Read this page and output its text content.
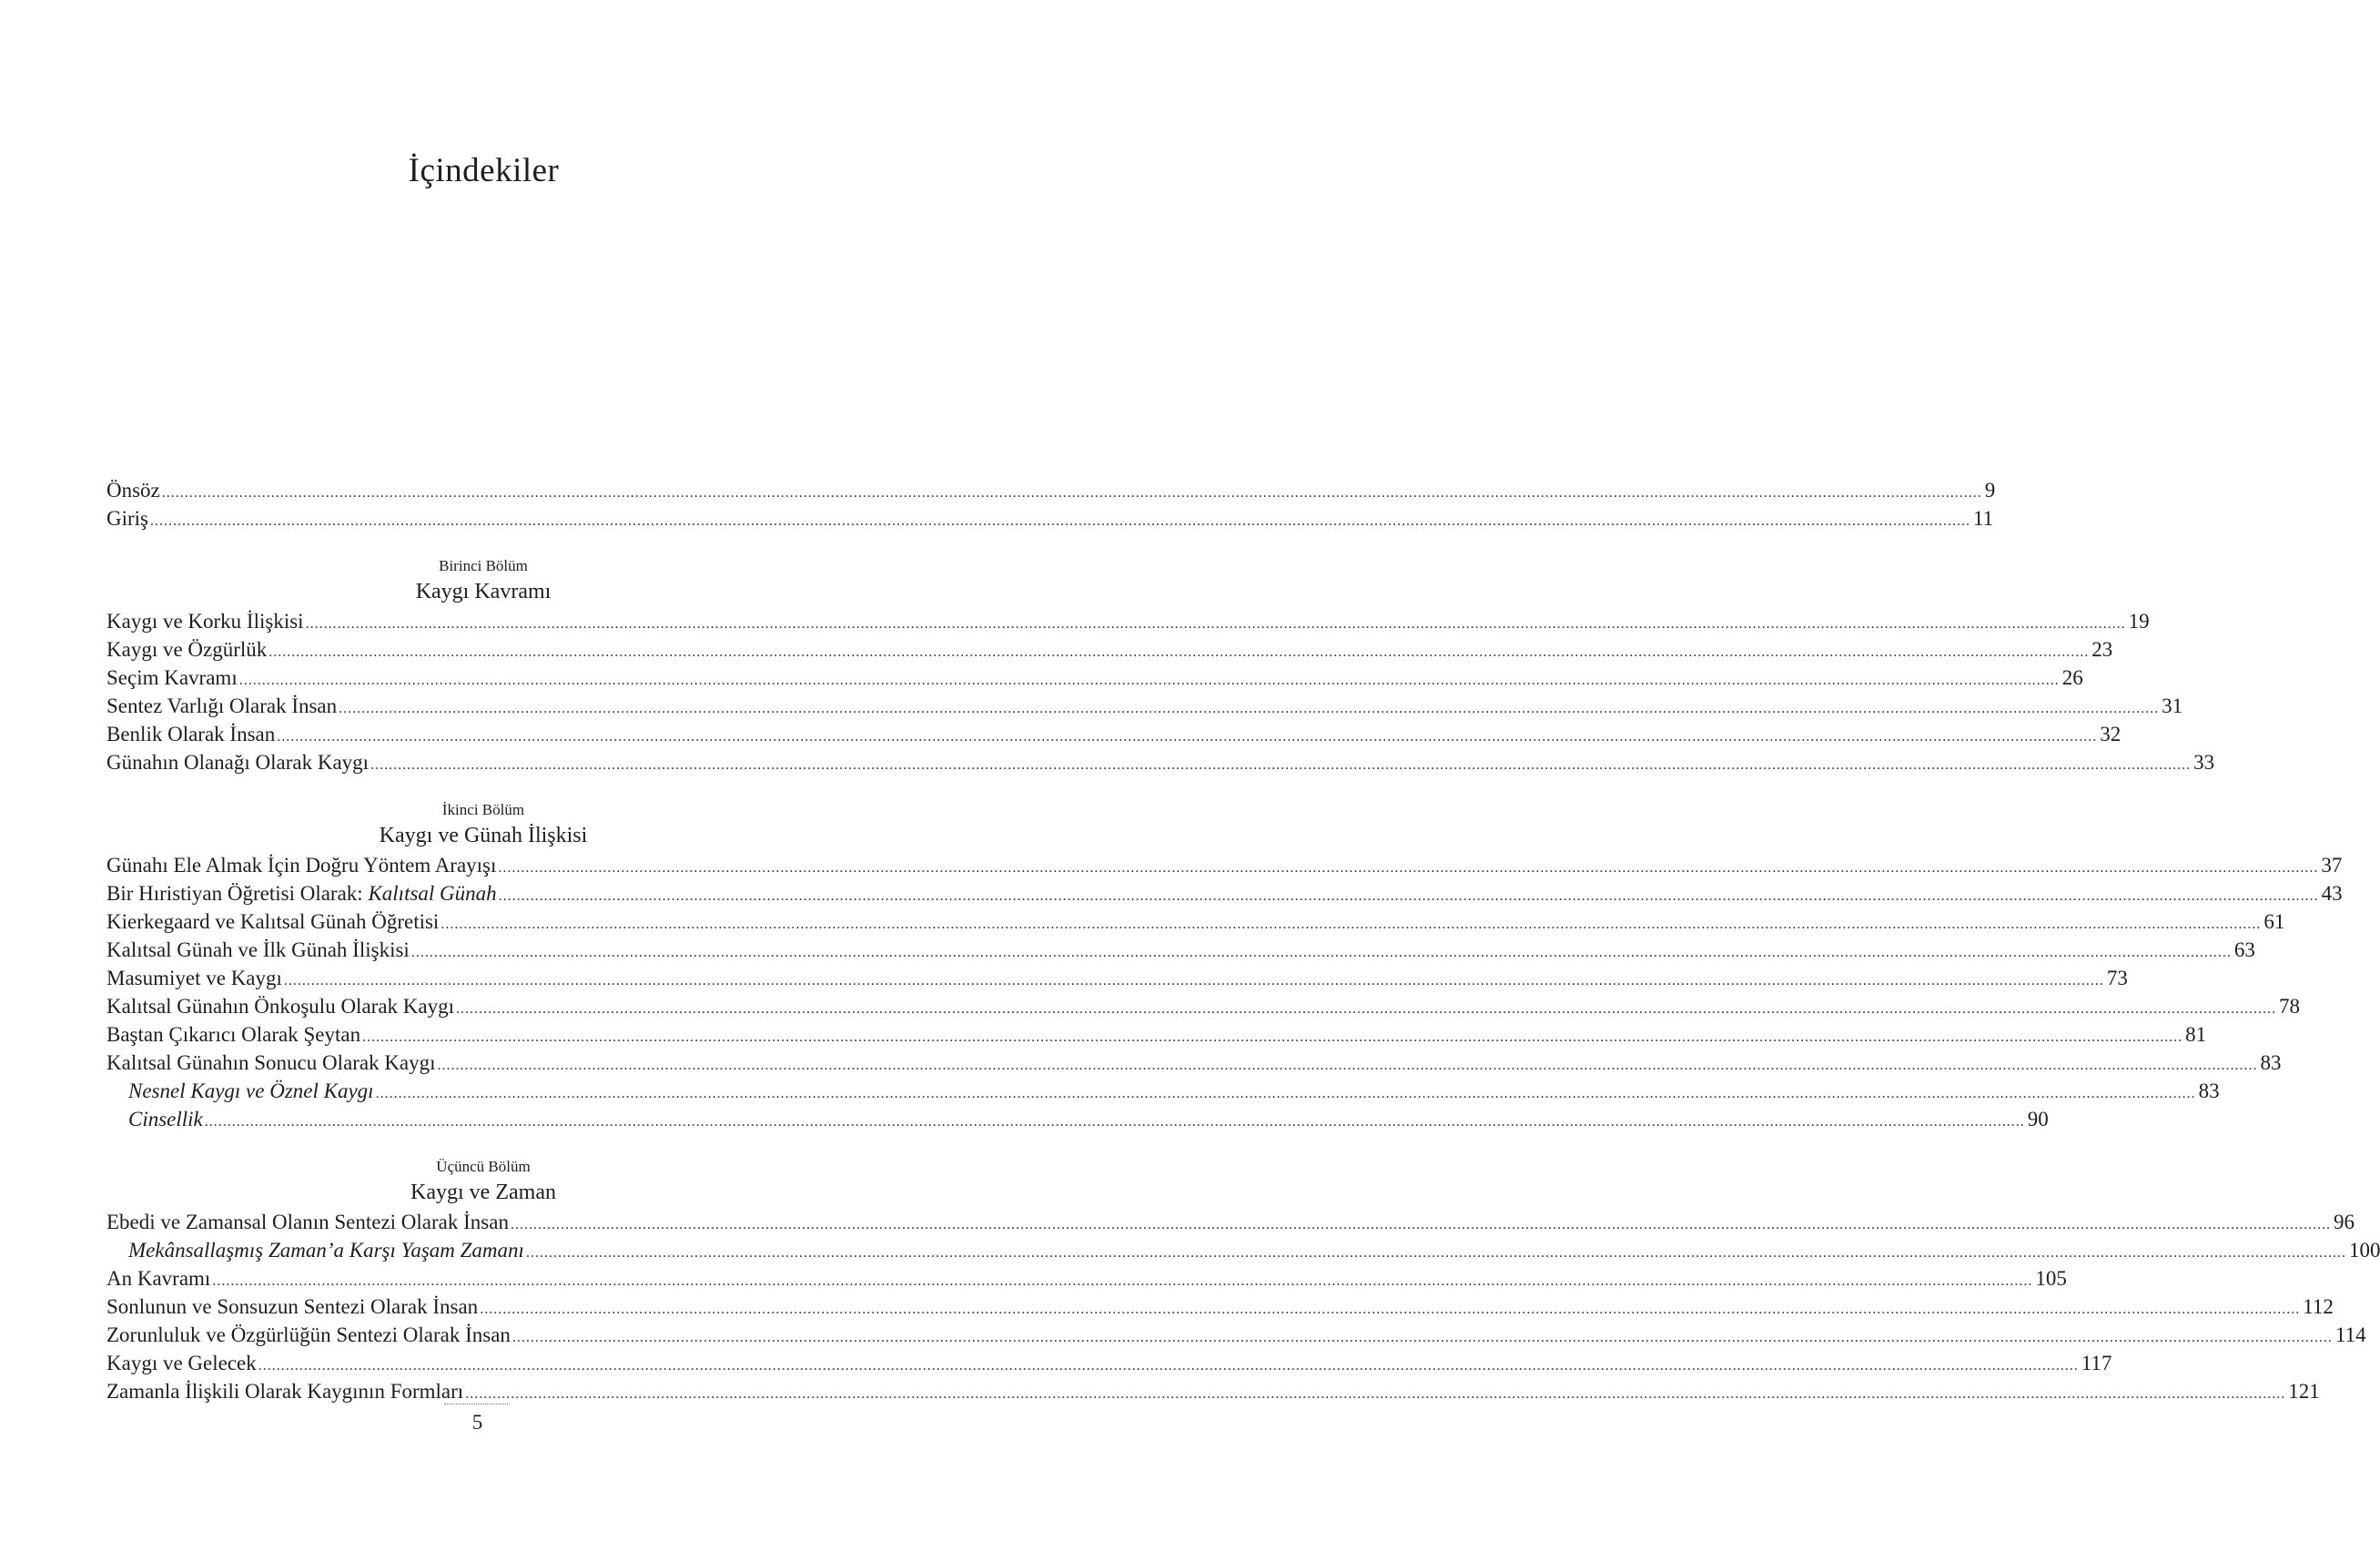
İçindekiler
Önsöz ................................................................................................................................................................................................................................................................................................................................................................................................................ 9
Giriş ................................................................................................................................................................................................................................................................................................................................................................................................................ 11
Birinci Bölüm
Kaygı Kavramı
Kaygı ve Korku İlişkisi ................................................................................................................................................................................................................................................................................................................................................................................................................ 19
Kaygı ve Özgürlük ................................................................................................................................................................................................................................................................................................................................................................................................................ 23
Seçim Kavramı ................................................................................................................................................................................................................................................................................................................................................................................................................ 26
Sentez Varlığı Olarak İnsan ................................................................................................................................................................................................................................................................................................................................................................................................................ 31
Benlik Olarak İnsan ................................................................................................................................................................................................................................................................................................................................................................................................................ 32
Günahın Olanağı Olarak Kaygı ................................................................................................................................................................................................................................................................................................................................................................................................................ 33
İkinci Bölüm
Kaygı ve Günah İlişkisi
Günahı Ele Almak İçin Doğru Yöntem Arayışı ................................................................................................................................................................................................................................................................................................................................................................................................................ 37
Bir Hıristiyan Öğretisi Olarak: Kalıtsal Günah ................................................................................................................................................................................................................................................................................................................................................................................................................ 43
Kierkegaard ve Kalıtsal Günah Öğretisi ................................................................................................................................................................................................................................................................................................................................................................................................................ 61
Kalıtsal Günah ve İlk Günah İlişkisi ................................................................................................................................................................................................................................................................................................................................................................................................................ 63
Masumiyet ve Kaygı ................................................................................................................................................................................................................................................................................................................................................................................................................ 73
Kalıtsal Günahın Önkoşulu Olarak Kaygı ................................................................................................................................................................................................................................................................................................................................................................................................................ 78
Baştan Çıkarıcı Olarak Şeytan ................................................................................................................................................................................................................................................................................................................................................................................................................ 81
Kalıtsal Günahın Sonucu Olarak Kaygı ................................................................................................................................................................................................................................................................................................................................................................................................................ 83
Nesnel Kaygı ve Öznel Kaygı ................................................................................................................................................................................................................................................................................................................................................................................................................ 83
Cinsellik ................................................................................................................................................................................................................................................................................................................................................................................................................ 90
Üçüncü Bölüm
Kaygı ve Zaman
Ebedi ve Zamansal Olanın Sentezi Olarak İnsan ................................................................................................................................................................................................................................................................................................................................................................................................................ 96
Mekânsallaşmış Zaman’a Karşı Yaşam Zamanı ................................................................................................................................................................................................................................................................................................................................................................................................................ 100
An Kavramı ................................................................................................................................................................................................................................................................................................................................................................................................................ 105
Sonlunun ve Sonsuzun Sentezi Olarak İnsan ................................................................................................................................................................................................................................................................................................................................................................................................................ 112
Zorunluluk ve Özgürlüğün Sentezi Olarak İnsan ................................................................................................................................................................................................................................................................................................................................................................................................................ 114
Kaygı ve Gelecek ................................................................................................................................................................................................................................................................................................................................................................................................................ 117
Zamanla İlişkili Olarak Kaygının Formları ................................................................................................................................................................................................................................................................................................................................................................................................................ 121
5
